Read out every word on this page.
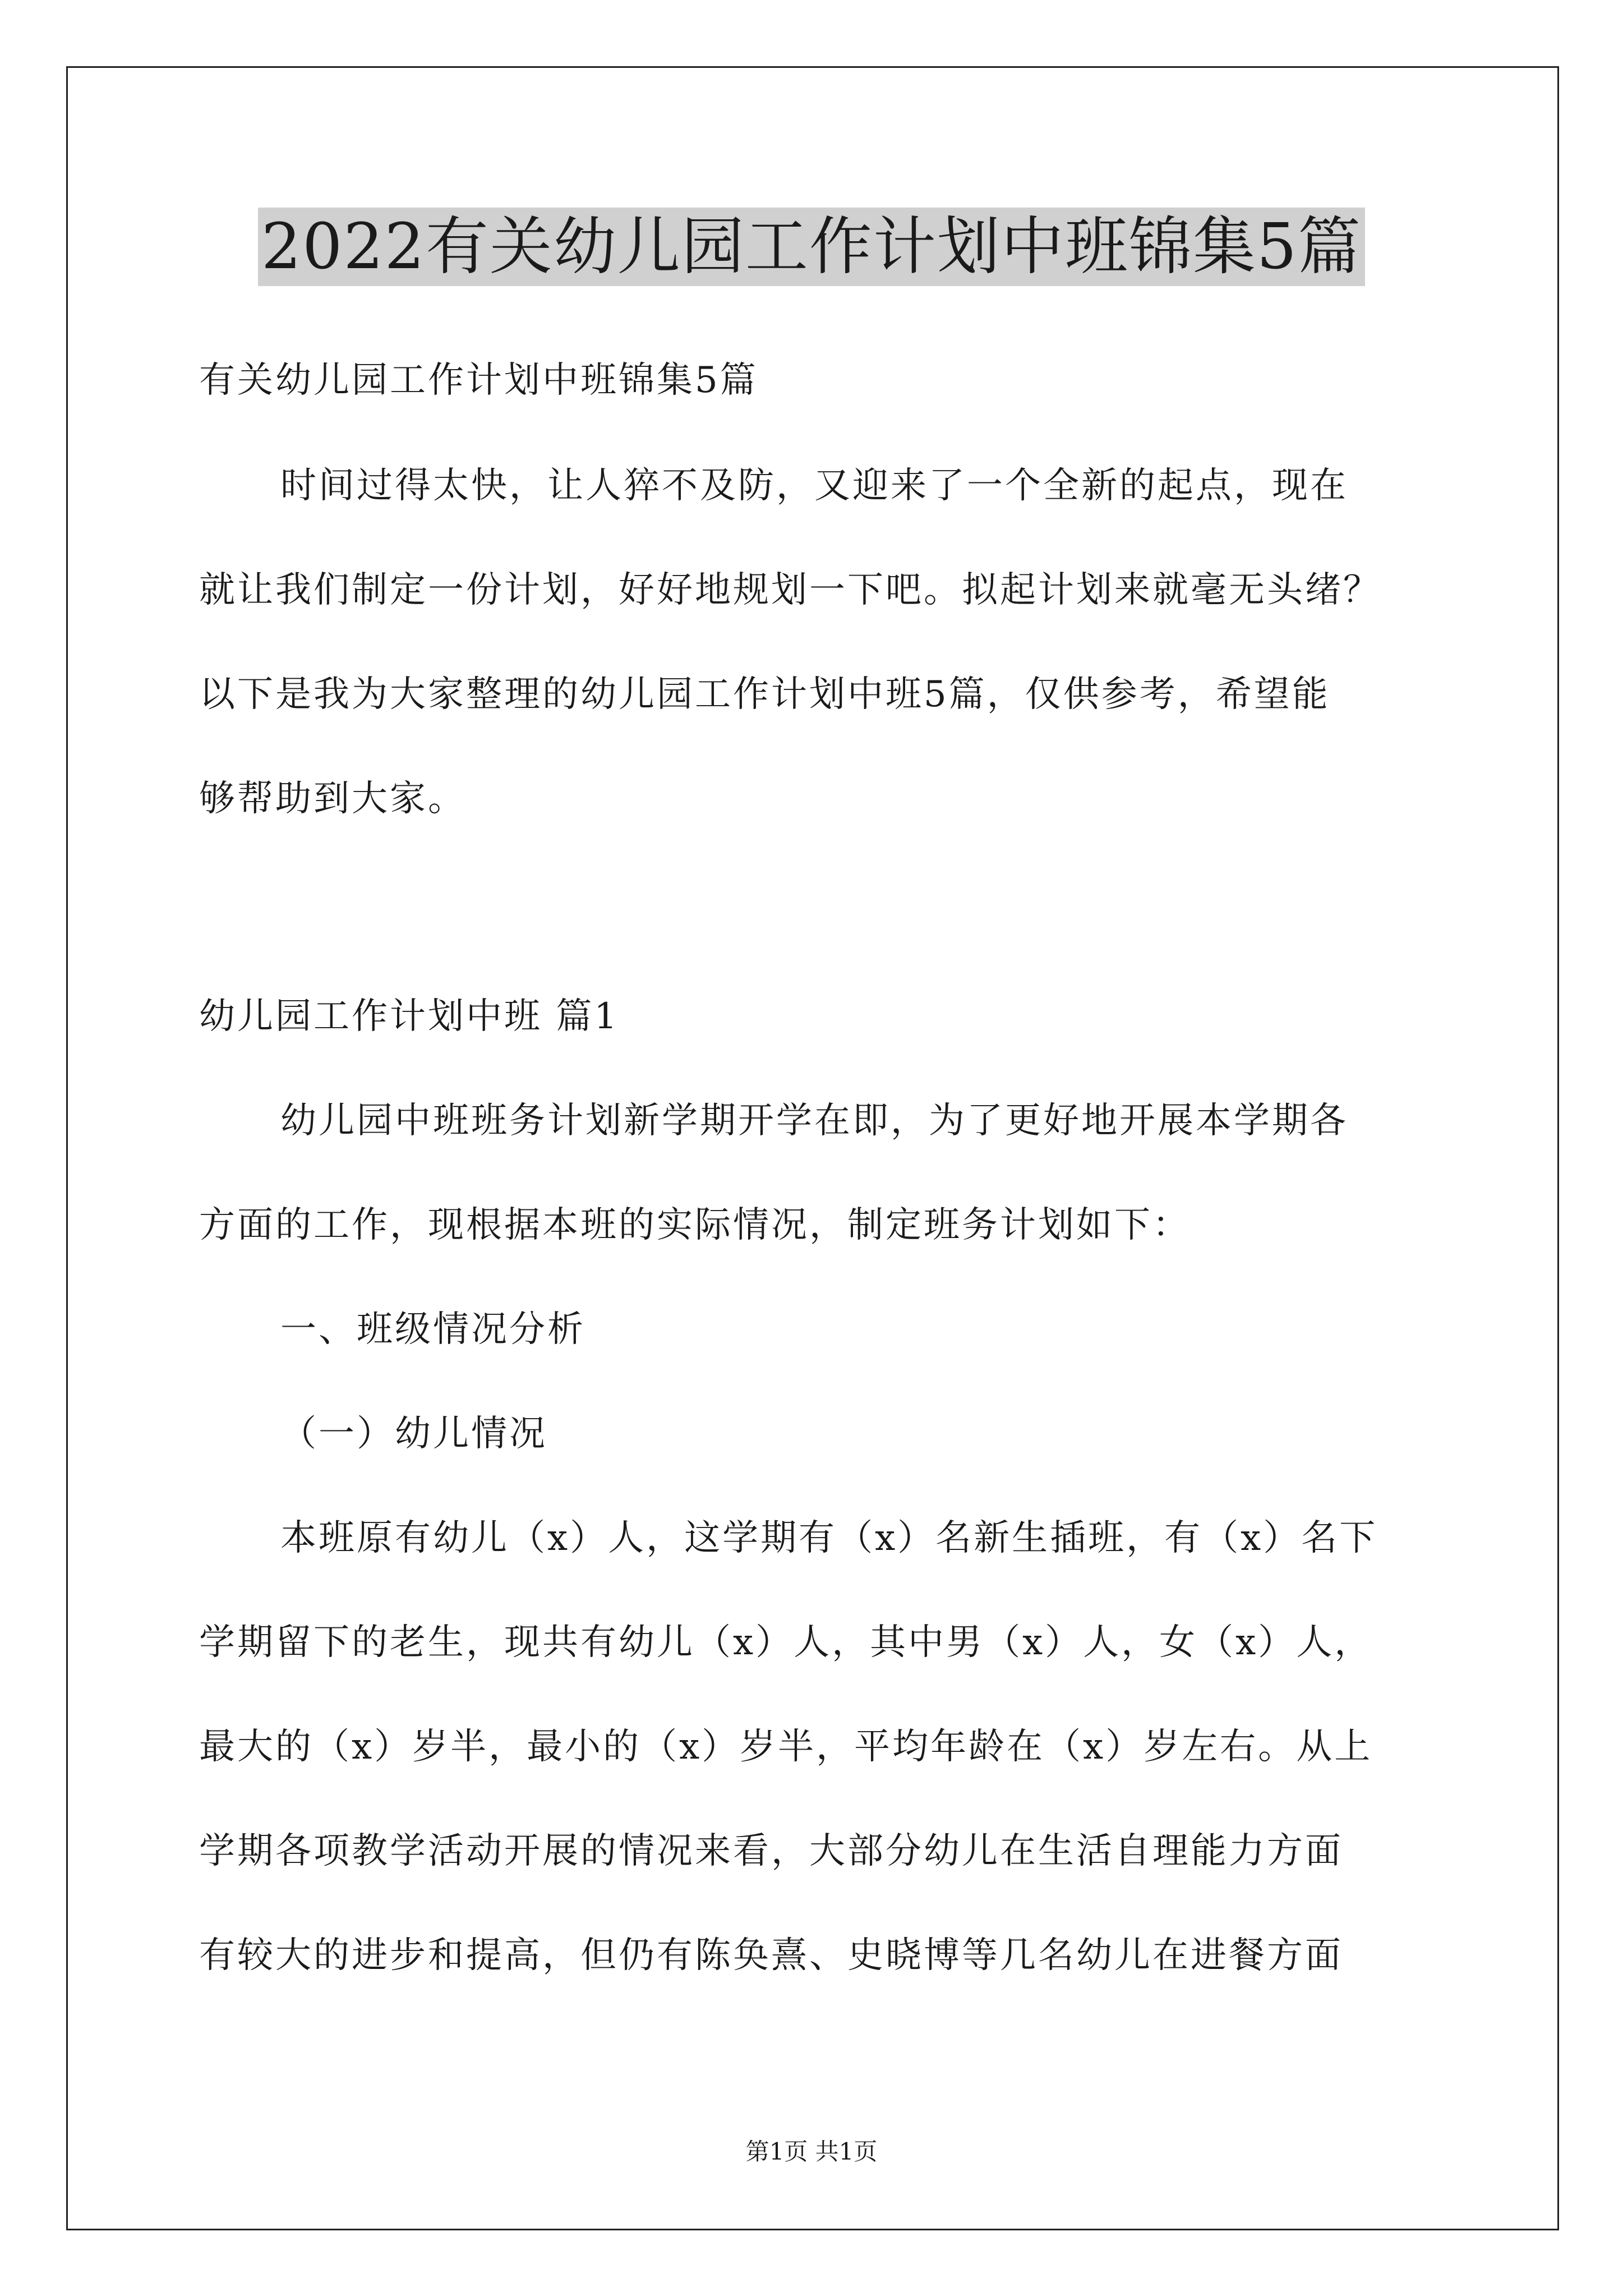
2022有关幼儿园工作计划中班锦集5篇
有关幼儿园工作计划中班锦集5篇
时间过得太快，让人猝不及防，又迎来了一个全新的起点，现在
就让我们制定一份计划，好好地规划一下吧。拟起计划来就毫无头绪？
以下是我为大家整理的幼儿园工作计划中班5篇，仅供参考，希望能
够帮助到大家。
幼儿园工作计划中班 篇1
幼儿园中班班务计划新学期开学在即，为了更好地开展本学期各
方面的工作，现根据本班的实际情况，制定班务计划如下：
一、班级情况分析
（一）幼儿情况
本班原有幼儿（x）人，这学期有（x）名新生插班，有（x）名下
学期留下的老生，现共有幼儿（x）人，其中男（x）人，女（x）人，
最大的（x）岁半，最小的（x）岁半，平均年龄在（x）岁左右。从上
学期各项教学活动开展的情况来看，大部分幼儿在生活自理能力方面
有较大的进步和提高，但仍有陈奂熹、史晓博等几名幼儿在进餐方面
第1页 共1页
